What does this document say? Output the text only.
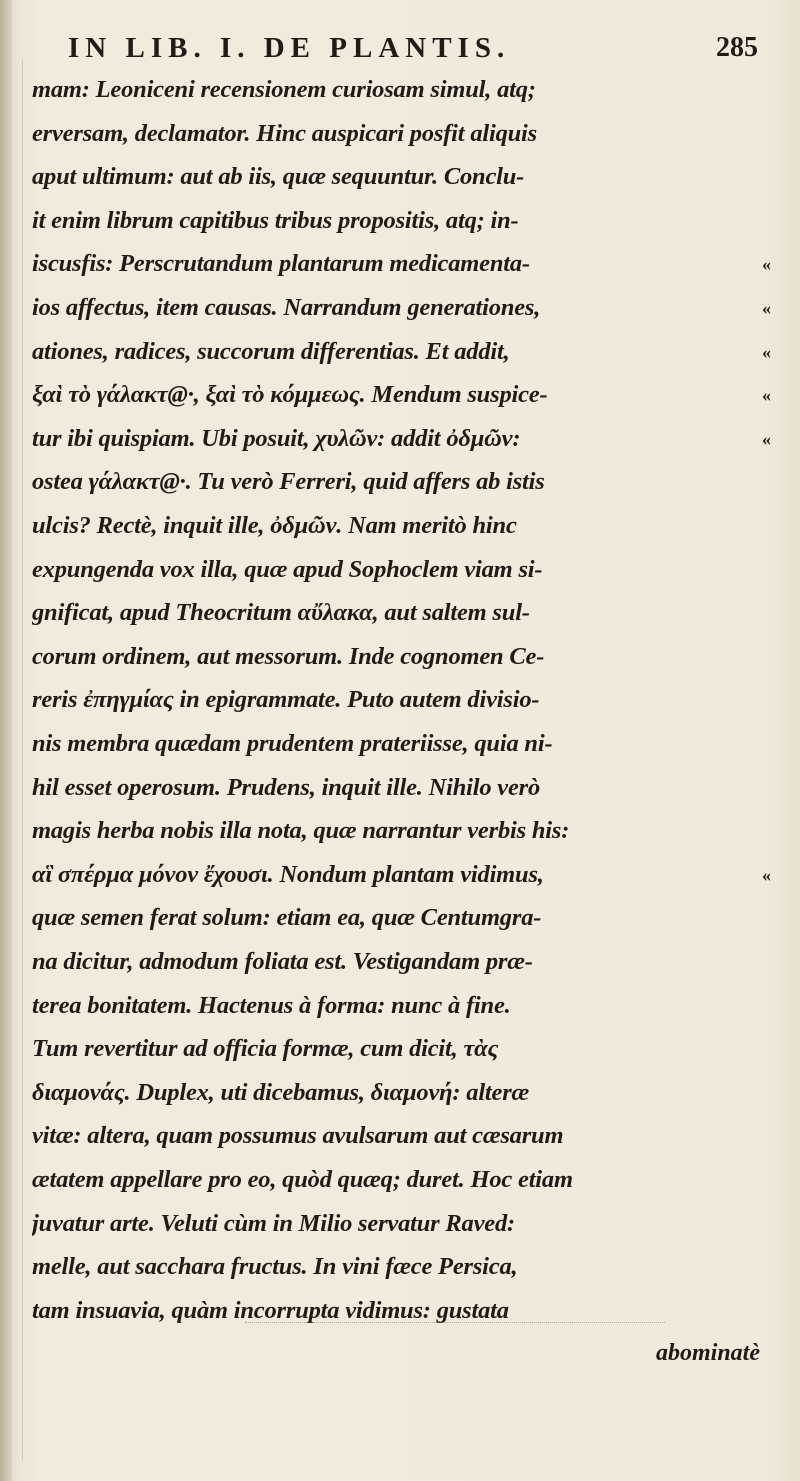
IN LIB. I. DE PLANTIS.	285
mam: Leoniceni recensionem curiosam simul, atq;
erversam, declamator. Hinc auspicari posfit aliquis
aput ultimum: aut ab iis, quæ sequuntur. Conclu-
it enim librum capitibus tribus propositis, atq; in-
iscusfis: Perscrutandum plantarum medicamenta-
ios affectus, item causas. Narrandum generationes,
ationes, radices, succorum differentias. Et addit,
ξαὶ τὸ γάλακτ@·, ξαὶ τὸ κόμμεως. Mendum suspice-
tur ibi quispiam. Ubi posuit, χυλῶν: addit ὀδμῶν:
ostea γάλακτ@·. Tu verò Ferreri, quid affers ab istis
ulcis? Rectè, inquit ille, ὀδμῶν. Nam meritò hinc
expungenda vox illa, quæ apud Sophoclem viam si-
gnificat, apud Theocritum αὔλακα, aut saltem sul-
corum ordinem, aut messorum. Inde cognomen Ce-
reris ἐπηγμίας in epigrammate. Puto autem divisio-
nis membra quædam prudentem prateriisse, quia ni-
hil esset operosum. Prudens, inquit ille. Nihilo verò
magis herba nobis illa nota, quæ narrantur verbis his:
αἳ σπέρμα μόνον ἔχουσι. Nondum plantam vidimus,
quæ semen ferat solum: etiam ea, quæ Centumgra-
na dicitur, admodum foliata est. Vestigandam præ-
terea bonitatem. Hactenus à forma: nunc à fine.
Tum revertitur ad officia formæ, cum dicit, τὰς
διαμονάς. Duplex, uti dicebamus, διαμονή: alteræ
vitæ: altera, quam possumus avulsarum aut cæsarum
ætatem appellare pro eo, quòd quæq; duret. Hoc etiam
juvatur arte. Veluti cùm in Milio servatur Raved:
melle, aut sacchara fructus. In vini fæce Persica,
tam insuavia, quàm incorrupta vidimus: gustata
«
«
«
«
«
«
abominatè
